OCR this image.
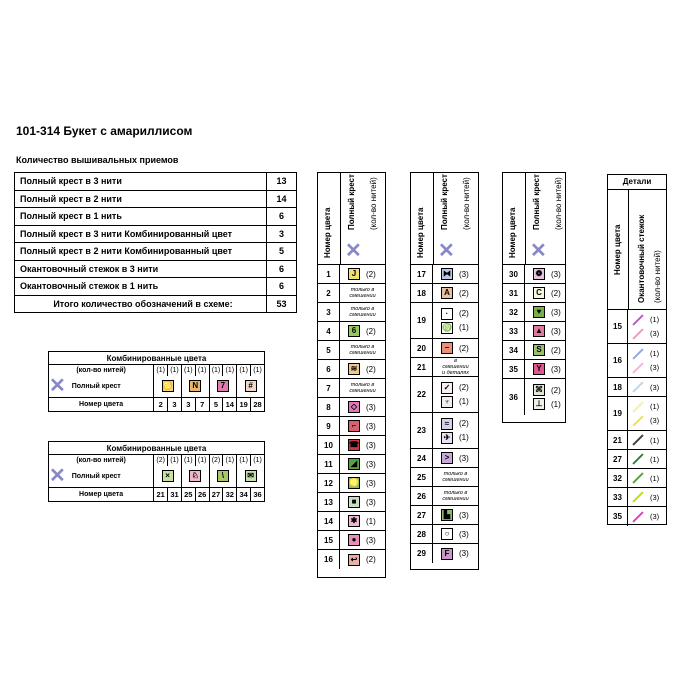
101-314 Букет с амариллисом
Количество вышивальных приемов
Полный крест в 3 нити	13
Полный крест в 2 нити	14
Полный крест в 1 нить	6
Полный крест в 3 нити Комбинированный цвет	3
Полный крест в 2 нити Комбинированный цвет	5
Окантовочный стежок в 3 нити	6
Окантовочный стежок в 1 нить	6
Итого количество обозначений в схеме:	53
Комбинированные цвета								
(кол-во нитей)	(1)	(1)	(1)	(1)	(1)	(1)	(1)	(1)
✕ Полный крест	♋		N		7		#	
Номер цвета	2	3	3	7	5	14	19	28
Комбинированные цвета								
(кол-во нитей)	(2)	(1)	(1)	(1)	(2)	(1)	(1)	(1)
✕ Полный крест	×		♘		\		✉	
Номер цвета	21	31	25	26	27	32	34	36
Номер цвета
Полный крест (кол-во нитей)
✕
1	J	(2)
2	только в смешении
3	только в смешении
4	6	(2)
5	только в смешении
6	≋	(2)
7	только в смешении
8	◇	(3)
9	⌐	(3)
10	☎ (3)
11	◢	(3)
12	♌ (3)
13	■	(3)
14	✱	(1)
15	●	(3)
16	↩	(2)
Номер цвета
Полный крест (кол-во нитей)
✕
17	⧓ (3)
18	A	(2)
19
·	(2)
♍ (1)
20	–	(2)
21
в смешении и деталях
22
✓	(2)
♆	(1)
23
≈	(2)
✈	(1)
24	>	(3)
25	только в смешении
26	только в смешении
27	▙	(3)
28	○	(3)
29	F	(3)
Номер цвета
Полный крест (кол-во нитей)
✕
30	❁	(3)
31	C	(2)
32	♥	(3)
33	▲ (3)
34	S	(2)
35	Y	(3)
36
⌘ (2)
⊥	(1)
Детали
Номер цвета Окантовочный стежок (кол-во нитей)
15
(1)
(3)
16
(1)
(3)
18	(3)
19
(1)
(3)
21	(1)
27	(1)
32	(1)
33	(3)
35	(3)
